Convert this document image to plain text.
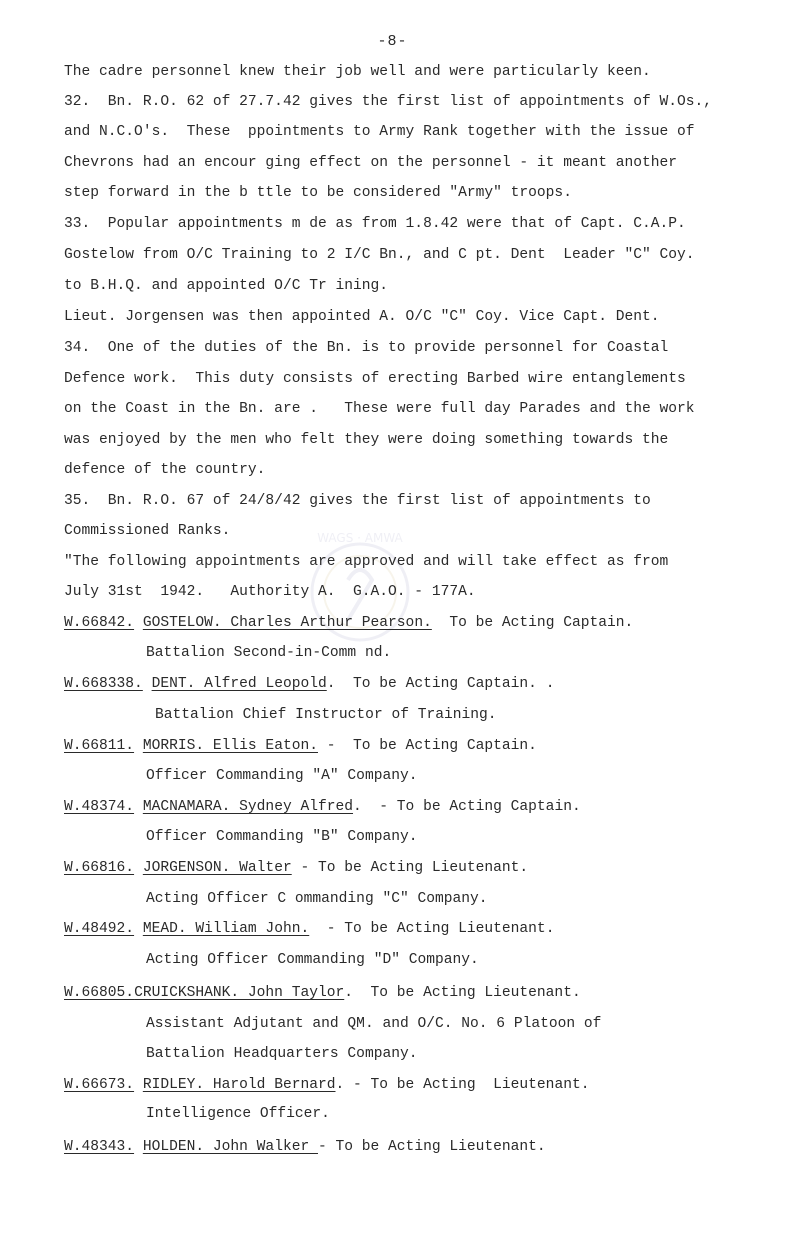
-8-
WAGS · AMWA
The cadre personnel knew their job well and were particularly keen.
32.  Bn. R.O. 62 of 27.7.42 gives the first list of appointments of W.Os.,
and N.C.O's.  These  ppointments to Army Rank together with the issue of
Chevrons had an encour ging effect on the personnel - it meant another
step forward in the b ttle to be considered "Army" troops.
33.  Popular appointments m de as from 1.8.42 were that of Capt. C.A.P.
Gostelow from O/C Training to 2 I/C Bn., and C pt. Dent  Leader "C" Coy.
to B.H.Q. and appointed O/C Tr ining.
Lieut. Jorgensen was then appointed A. O/C "C" Coy. Vice Capt. Dent.
34.  One of the duties of the Bn. is to provide personnel for Coastal
Defence work.  This duty consists of erecting Barbed wire entanglements
on the Coast in the Bn. are .   These were full day Parades and the work
was enjoyed by the men who felt they were doing something towards the
defence of the country.
35.  Bn. R.O. 67 of 24/8/42 gives the first list of appointments to
Commissioned Ranks.
"The following appointments are approved and will take effect as from
July 31st  1942.   Authority A.  G.A.O. - 177A.
W.66842. GOSTELOW. Charles Arthur Pearson.  To be Acting Captain.
Battalion Second-in-Comm nd.
W.668338. DENT. Alfred Leopold.  To be Acting Captain. .
Battalion Chief Instructor of Training.
W.66811. MORRIS. Ellis Eaton. -  To be Acting Captain.
Officer Commanding "A" Company.
W.48374. MACNAMARA. Sydney Alfred.  - To be Acting Captain.
Officer Commanding "B" Company.
W.66816. JORGENSON. Walter - To be Acting Lieutenant.
Acting Officer C ommanding "C" Company.
W.48492. MEAD. William John.  - To be Acting Lieutenant.
Acting Officer Commanding "D" Company.
W.66805.CRUICKSHANK. John Taylor.  To be Acting Lieutenant.
Assistant Adjutant and QM. and O/C. No. 6 Platoon of
Battalion Headquarters Company.
W.66673. RIDLEY. Harold Bernard. - To be Acting  Lieutenant.
Intelligence Officer.
W.48343. HOLDEN. John Walker - To be Acting Lieutenant.
